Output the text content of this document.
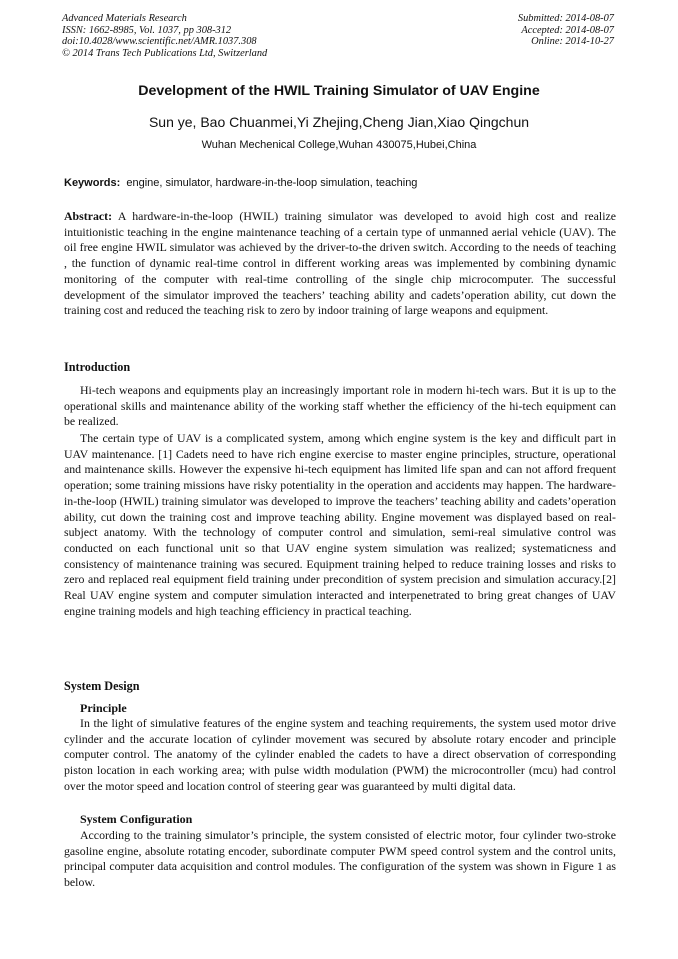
Advanced Materials Research
ISSN: 1662-8985, Vol. 1037, pp 308-312
doi:10.4028/www.scientific.net/AMR.1037.308
© 2014 Trans Tech Publications Ltd, Switzerland
Submitted: 2014-08-07
Accepted: 2014-08-07
Online: 2014-10-27
Development of the HWIL Training Simulator of UAV Engine
Sun ye, Bao Chuanmei,Yi Zhejing,Cheng Jian,Xiao Qingchun
Wuhan Mechenical College,Wuhan 430075,Hubei,China
Keywords: engine, simulator, hardware-in-the-loop simulation, teaching
Abstract: A hardware-in-the-loop (HWIL) training simulator was developed to avoid high cost and realize intuitionistic teaching in the engine maintenance teaching of a certain type of unmanned aerial vehicle (UAV). The oil free engine HWIL simulator was achieved by the driver-to-the driven switch. According to the needs of teaching , the function of dynamic real-time control in different working areas was implemented by combining dynamic monitoring of the computer with real-time controlling of the single chip microcomputer. The successful development of the simulator improved the teachers’ teaching ability and cadets’operation ability, cut down the training cost and reduced the teaching risk to zero by indoor training of large weapons and equipment.
Introduction
Hi-tech weapons and equipments play an increasingly important role in modern hi-tech wars. But it is up to the operational skills and maintenance ability of the working staff whether the efficiency of the hi-tech equipment can be realized.
The certain type of UAV is a complicated system, among which engine system is the key and difficult part in UAV maintenance. [1] Cadets need to have rich engine exercise to master engine principles, structure, operational and maintenance skills. However the expensive hi-tech equipment has limited life span and can not afford frequent operation; some training missions have risky potentiality in the operation and accidents may happen. The hardware-in-the-loop (HWIL) training simulator was developed to improve the teachers’ teaching ability and cadets’operation ability, cut down the training cost and improve teaching ability. Engine movement was displayed based on real-subject anatomy. With the technology of computer control and simulation, semi-real simulative control was conducted on each functional unit so that UAV engine system simulation was realized; systematicness and consistency of maintenance training was secured. Equipment training helped to reduce training losses and risks to zero and replaced real equipment field training under precondition of system precision and simulation accuracy.[2] Real UAV engine system and computer simulation interacted and interpenetrated to bring great changes of UAV engine training models and high teaching efficiency in practical teaching.
System Design
Principle
In the light of simulative features of the engine system and teaching requirements, the system used motor drive cylinder and the accurate location of cylinder movement was secured by absolute rotary encoder and principle computer control. The anatomy of the cylinder enabled the cadets to have a direct observation of corresponding piston location in each working area; with pulse width modulation (PWM) the microcontroller (mcu) had control over the motor speed and location control of steering gear was guaranteed by multi digital data.
System Configuration
According to the training simulator’s principle, the system consisted of electric motor, four cylinder two-stroke gasoline engine, absolute rotating encoder, subordinate computer PWM speed control system and the control units, principal computer data acquisition and control modules. The configuration of the system was shown in Figure 1 as below.
